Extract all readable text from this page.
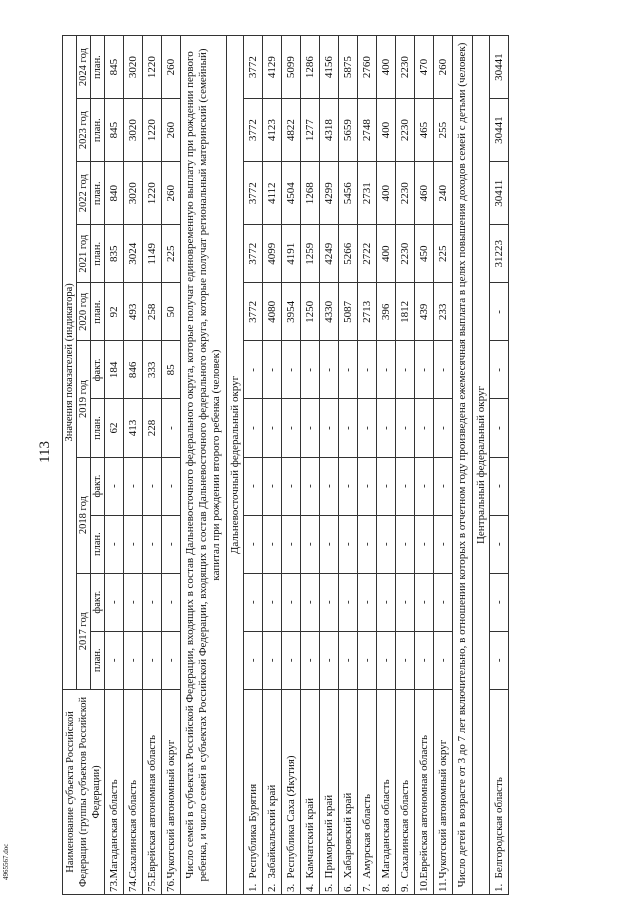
113
4965567.doc	Наименование субъекта Российской Федерации (группы субъектов Российской Федерации)		Значения показателей (индикатора)										
		2017 год		2018 год		2019 год		2020 год	2021 год	2022 год	2023 год	2024 год
		план.	факт.	план.	факт.	план.	факт.	план.	план.	план.	план.	план.
73.	Магаданская область	-	-	-	-	62	184	92	835	840	845	845
74.	Сахалинская область	-	-	-	-	413	846	493	3024	3020	3020	3020
75.	Еврейская автономная область	-	-	-	-	228	333	258	1149	1220	1220	1220
76.	Чукотский автономный округ	-	-	-	-	-	85	50	225	260	260	260
Число семей в субъектах Российской Федерации, входящих в состав Дальневосточного федерального округа, которые получат единовременную выплату при рождении первого ребенка, и число семей в субъектах Российской Федерации, входящих в состав Дальневосточного федерального округа, которые получат региональный материнский (семейный) капитал при рождении второго ребенка (человек)												
Дальневосточный федеральный округ												
1.	Республика Бурятия	-	-	-	-	-	-	3772	3772	3772	3772	3772
2.	Забайкальский край	-	-	-	-	-	-	4080	4099	4112	4123	4129
3.	Республика Саха (Якутия)	-	-	-	-	-	-	3954	4191	4504	4822	5099
4.	Камчатский край	-	-	-	-	-	-	1250	1259	1268	1277	1286
5.	Приморский край	-	-	-	-	-	-	4330	4249	4299	4318	4156
6.	Хабаровский край	-	-	-	-	-	-	5087	5266	5456	5659	5875
7.	Амурская область	-	-	-	-	-	-	2713	2722	2731	2748	2760
8.	Магаданская область	-	-	-	-	-	-	396	400	400	400	400
9.	Сахалинская область	-	-	-	-	-	-	1812	2230	2230	2230	2230
10.	Еврейская автономная область	-	-	-	-	-	-	439	450	460	465	470
11.	Чукотский автономный округ	-	-	-	-	-	-	233	225	240	255	260
Число детей в возрасте от 3 до 7 лет включительно, в отношении которых в отчетном году произведена ежемесячная выплата в целях повышения доходов семей с детьми (человек)												
Центральный федеральный округ												
1.	Белгородская область	-	-	-	-	-	-	-	31223	30411	30441	30441
